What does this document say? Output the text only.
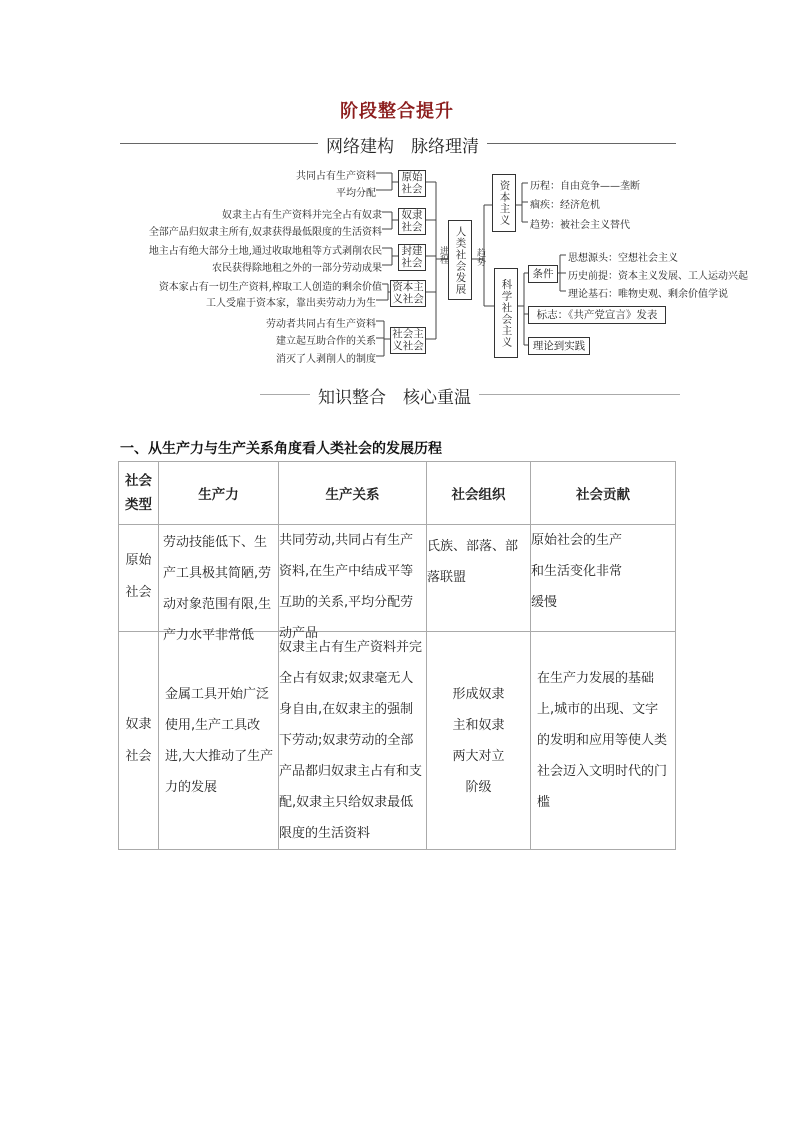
阶段整合提升
网络建构　脉络理清
共同占有生产资料
平均分配
奴隶主占有生产资料并完全占有奴隶
全部产品归奴隶主所有,奴隶获得最低限度的生活资料
地主占有绝大部分土地,通过收取地租等方式剥削农民
农民获得除地租之外的一部分劳动成果
资本家占有一切生产资料,榨取工人创造的剩余价值
工人受雇于资本家，靠出卖劳动力为生
劳动者共同占有生产资料
建立起互助合作的关系
消灭了人剥削人的制度
原始
社会
奴隶
社会
封建
社会
资本主
义社会
社会主
义社会
进程 人类社会发展 趋势
资本主义	历程：自由竞争——垄断
痼疾：经济危机
趋势：被社会主义替代
科学社会主义
条件
思想源头：空想社会主义
历史前提：资本主义发展、工人运动兴起
理论基石：唯物史观、剩余价值学说
标志：《共产党宣言》发表
理论到实践
知识整合　核心重温
一、从生产力与生产关系角度看人类社会的发展历程
社会类型	生产力	生产关系	社会组织	社会贡献

原始社会	劳动技能低下、生产工具极其简陋,劳动对象范围有限,生产力水平非常低	共同劳动,共同占有生产资料,在生产中结成平等互助的关系,平均分配劳动产品	氏族、部落、部落联盟	原始社会的生产和生活变化非常缓慢

奴隶社会	金属工具开始广泛使用,生产工具改进,大大推动了生产力的发展	奴隶主占有生产资料并完全占有奴隶;奴隶毫无人身自由,在奴隶主的强制下劳动;奴隶劳动的全部产品都归奴隶主占有和支配,奴隶主只给奴隶最低限度的生活资料	形成奴隶主和奴隶两大对立阶级	在生产力发展的基础上,城市的出现、文字的发明和应用等使人类社会迈入文明时代的门槛
